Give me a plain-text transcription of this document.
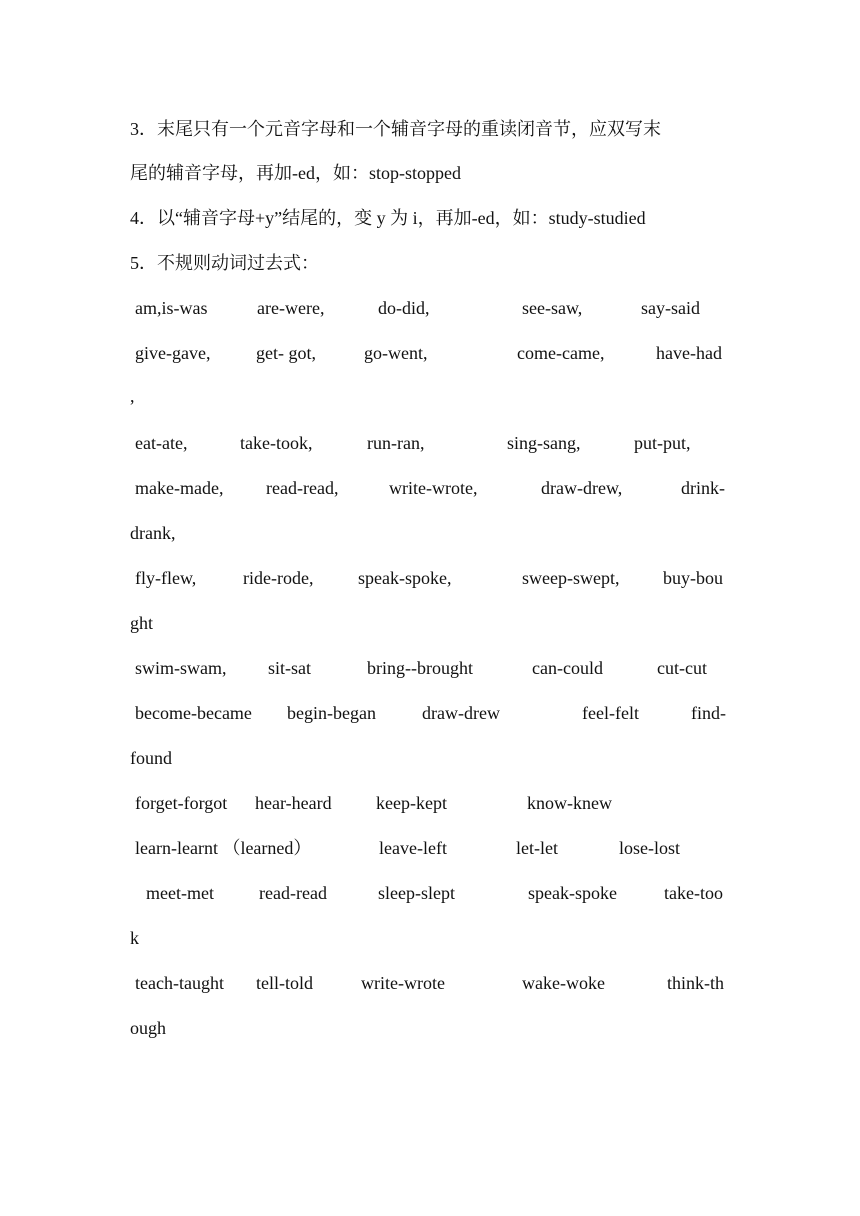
3．末尾只有一个元音字母和一个辅音字母的重读闭音节，应双写末
尾的辅音字母，再加-ed，如：stop-stopped
4．以“辅音字母+y”结尾的，变 y 为 i，再加-ed，如：study-studied
5．不规则动词过去式：
am,is-was	are-were,	do-did,	see-saw,	say-said
give-gave,	get- got,	go-went,	come-came,	have-had
,
eat-ate,	take-took,	run-ran,	sing-sang,	put-put,
make-made, read-read,	write-wrote,	draw-drew,	drink-
drank,
fly-flew,	ride-rode, speak-spoke,	sweep-swept, buy-bou
ght
swim-swam, sit-sat	bring--brought	can-could	cut-cut
become-became begin-began	draw-drew	feel-felt	find-
found
forget-forgot hear-heard keep-kept	know-knew
learn-learnt （learned）	leave-left	let-let	lose-lost
meet-met	read-read	sleep-slept	speak-spoke	take-too
k
teach-taught tell-told	write-wrote	wake-woke	think-th
ough
